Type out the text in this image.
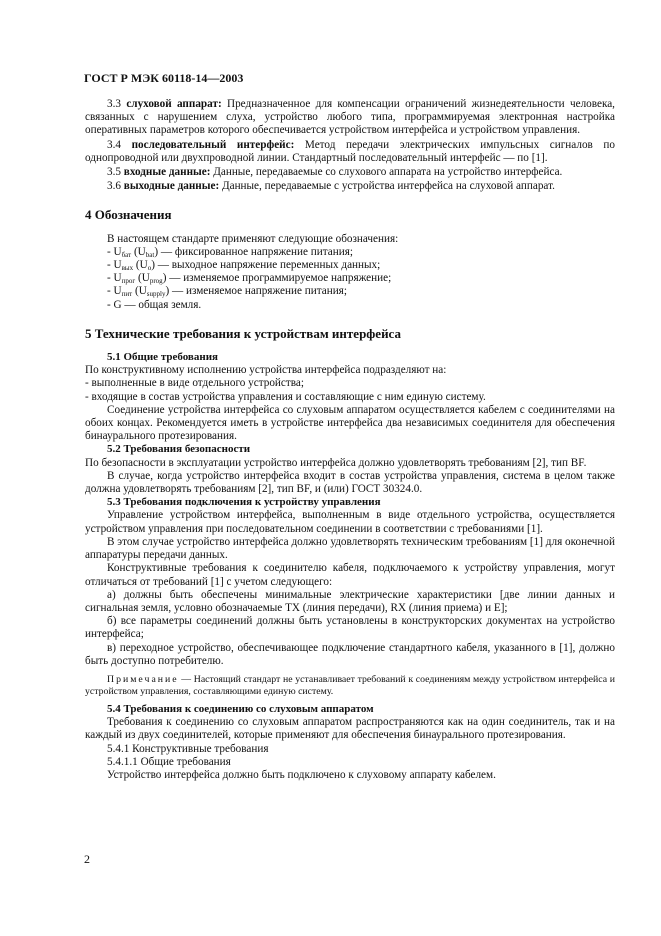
ГОСТ Р МЭК 60118-14—2003

3.3 слуховой аппарат: Предназначенное для компенсации ограничений жизнедеятельности человека, связанных с нарушением слуха, устройство любого типа, программируемая электронная настройка оперативных параметров которого обеспечивается устройством интерфейса и устройством управления.

3.4 последовательный интерфейс: Метод передачи электрических импульсных сигналов по однопроводной или двухпроводной линии. Стандартный последовательный интерфейс — по [1].

3.5 входные данные: Данные, передаваемые со слухового аппарата на устройство интерфейса.

3.6 выходные данные: Данные, передаваемые с устройства интерфейса на слуховой аппарат.

4 Обозначения

В настоящем стандарте применяют следующие обозначения:

- $U_{бат}$ $(U_{bat})$ — фиксированное напряжение питания;

- $U_{вых}$ $(U_o)$ — выходное напряжение переменных данных;

- $U_{прог}$ $(U_{prog})$ — изменяемое программируемое напряжение;

- $U_{пит}$ $(U_{supply})$ — изменяемое напряжение питания;

- G — общая земля.

5 Технические требования к устройствам интерфейса
5.1 Общие требования

По конструктивному исполнению устройства интерфейса подразделяют на:

- выполненные в виде отдельного устройства;

- входящие в состав устройства управления и составляющие с ним единую систему.

Соединение устройства интерфейса со слуховым аппаратом осуществляется кабелем с соединителями на обоих концах. Рекомендуется иметь в устройстве интерфейса два независимых соединителя для обеспечения бинаурального протезирования.

5.2 Требования безопасности

По безопасности в эксплуатации устройство интерфейса должно удовлетворять требованиям [2], тип BF.

В случае, когда устройство интерфейса входит в состав устройства управления, система в целом также должна удовлетворять требованиям [2], тип BF, и (или) ГОСТ 30324.0.

5.3 Требования подключения к устройству управления

Управление устройством интерфейса, выполненным в виде отдельного устройства, осуществляется устройством управления при последовательном соединении в соответствии с требованиями [1].

В этом случае устройство интерфейса должно удовлетворять техническим требованиям [1] для оконечной аппаратуры передачи данных.

Конструктивные требования к соединителю кабеля, подключаемого к устройству управления, могут отличаться от требований [1] с учетом следующего:

а) должны быть обеспечены минимальные электрические характеристики [две линии данных и сигнальная земля, условно обозначаемые TX (линия передачи), RX (линия приема) и E];

б) все параметры соединений должны быть установлены в конструкторских документах на устройство интерфейса;

в) переходное устройство, обеспечивающее подключение стандартного кабеля, указанного в [1], должно быть доступно потребителю.

Примечание — Настоящий стандарт не устанавливает требований к соединениям между устройством интерфейса и устройством управления, составляющими единую систему.

5.4 Требования к соединению со слуховым аппаратом

Требования к соединению со слуховым аппаратом распространяются как на один соединитель, так и на каждый из двух соединителей, которые применяют для обеспечения бинаурального протезирования.

5.4.1 Конструктивные требования

5.4.1.1 Общие требования

Устройство интерфейса должно быть подключено к слуховому аппарату кабелем.

2
